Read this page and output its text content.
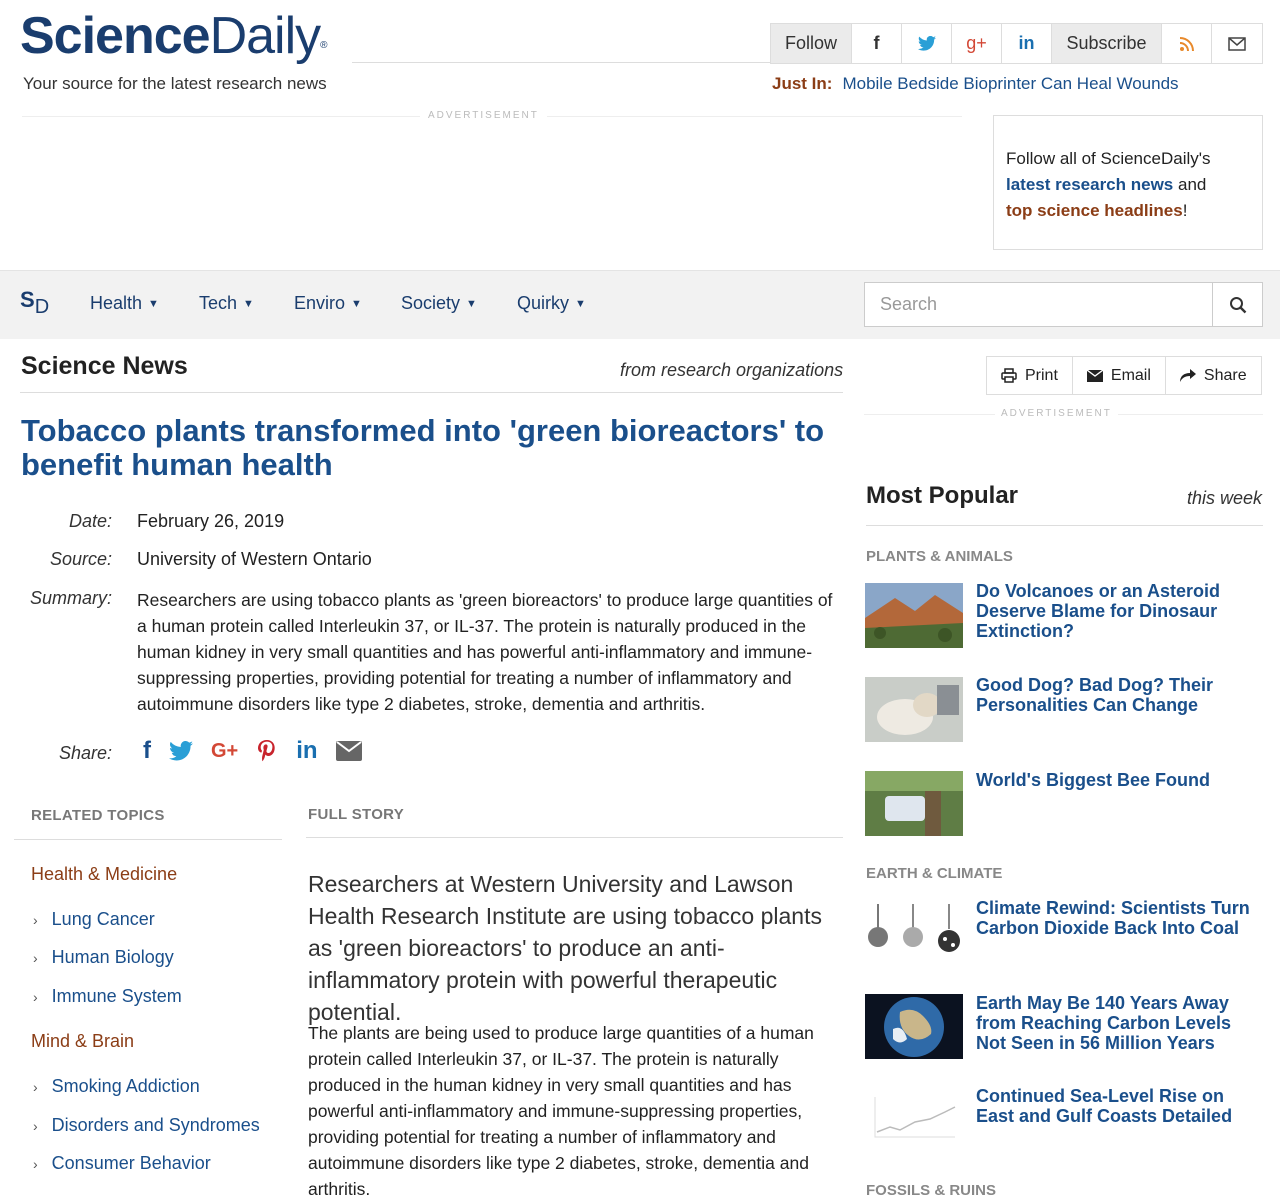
ScienceDaily®
Your source for the latest research news
Follow	f	g+ in	Subscribe
Just In: Mobile Bedside Bioprinter Can Heal Wounds
ADVERTISEMENT
Follow all of ScienceDaily's
latest research news and
top science headlines!
SD Health ▼ Tech ▼ Enviro ▼ Society ▼ Quirky ▼	Search
Science News	from research organizations	Print	Email	Share
ADVERTISEMENT
Tobacco plants transformed into 'green bioreactors' to benefit human health
Date: February 26, 2019
Source: University of Western Ontario
Summary: Researchers are using tobacco plants as 'green bioreactors' to produce large quantities of a human protein called Interleukin 37, or IL-37. The protein is naturally produced in the human kidney in very small quantities and has powerful anti-inflammatory and immune-suppressing properties, providing potential for treating a number of inflammatory and autoimmune disorders like type 2 diabetes, stroke, dementia and arthritis.
Share: f	G+ in
RELATED TOPICS	FULL STORY
Health & Medicine
› Lung Cancer
› Human Biology
› Immune System
Mind & Brain
› Smoking Addiction
› Disorders and Syndromes
› Consumer Behavior

Researchers at Western University and Lawson Health Research Institute are using tobacco plants as 'green bioreactors' to produce an anti-inflammatory protein with powerful therapeutic potential.

The plants are being used to produce large quantities of a human protein called Interleukin 37, or IL-37. The protein is naturally produced in the human kidney in very small quantities and has powerful anti-inflammatory and immune-suppressing properties, providing potential for treating a number of inflammatory and autoimmune disorders like type 2 diabetes, stroke, dementia and arthritis.

Most Popular	this week
PLANTS & ANIMALS
Do Volcanoes or an Asteroid Deserve Blame for Dinosaur Extinction?
Good Dog? Bad Dog? Their Personalities Can Change
World's Biggest Bee Found
EARTH & CLIMATE
Climate Rewind: Scientists Turn Carbon Dioxide Back Into Coal
Earth May Be 140 Years Away from Reaching Carbon Levels Not Seen in 56 Million Years
Continued Sea-Level Rise on East and Gulf Coasts Detailed
FOSSILS & RUINS
